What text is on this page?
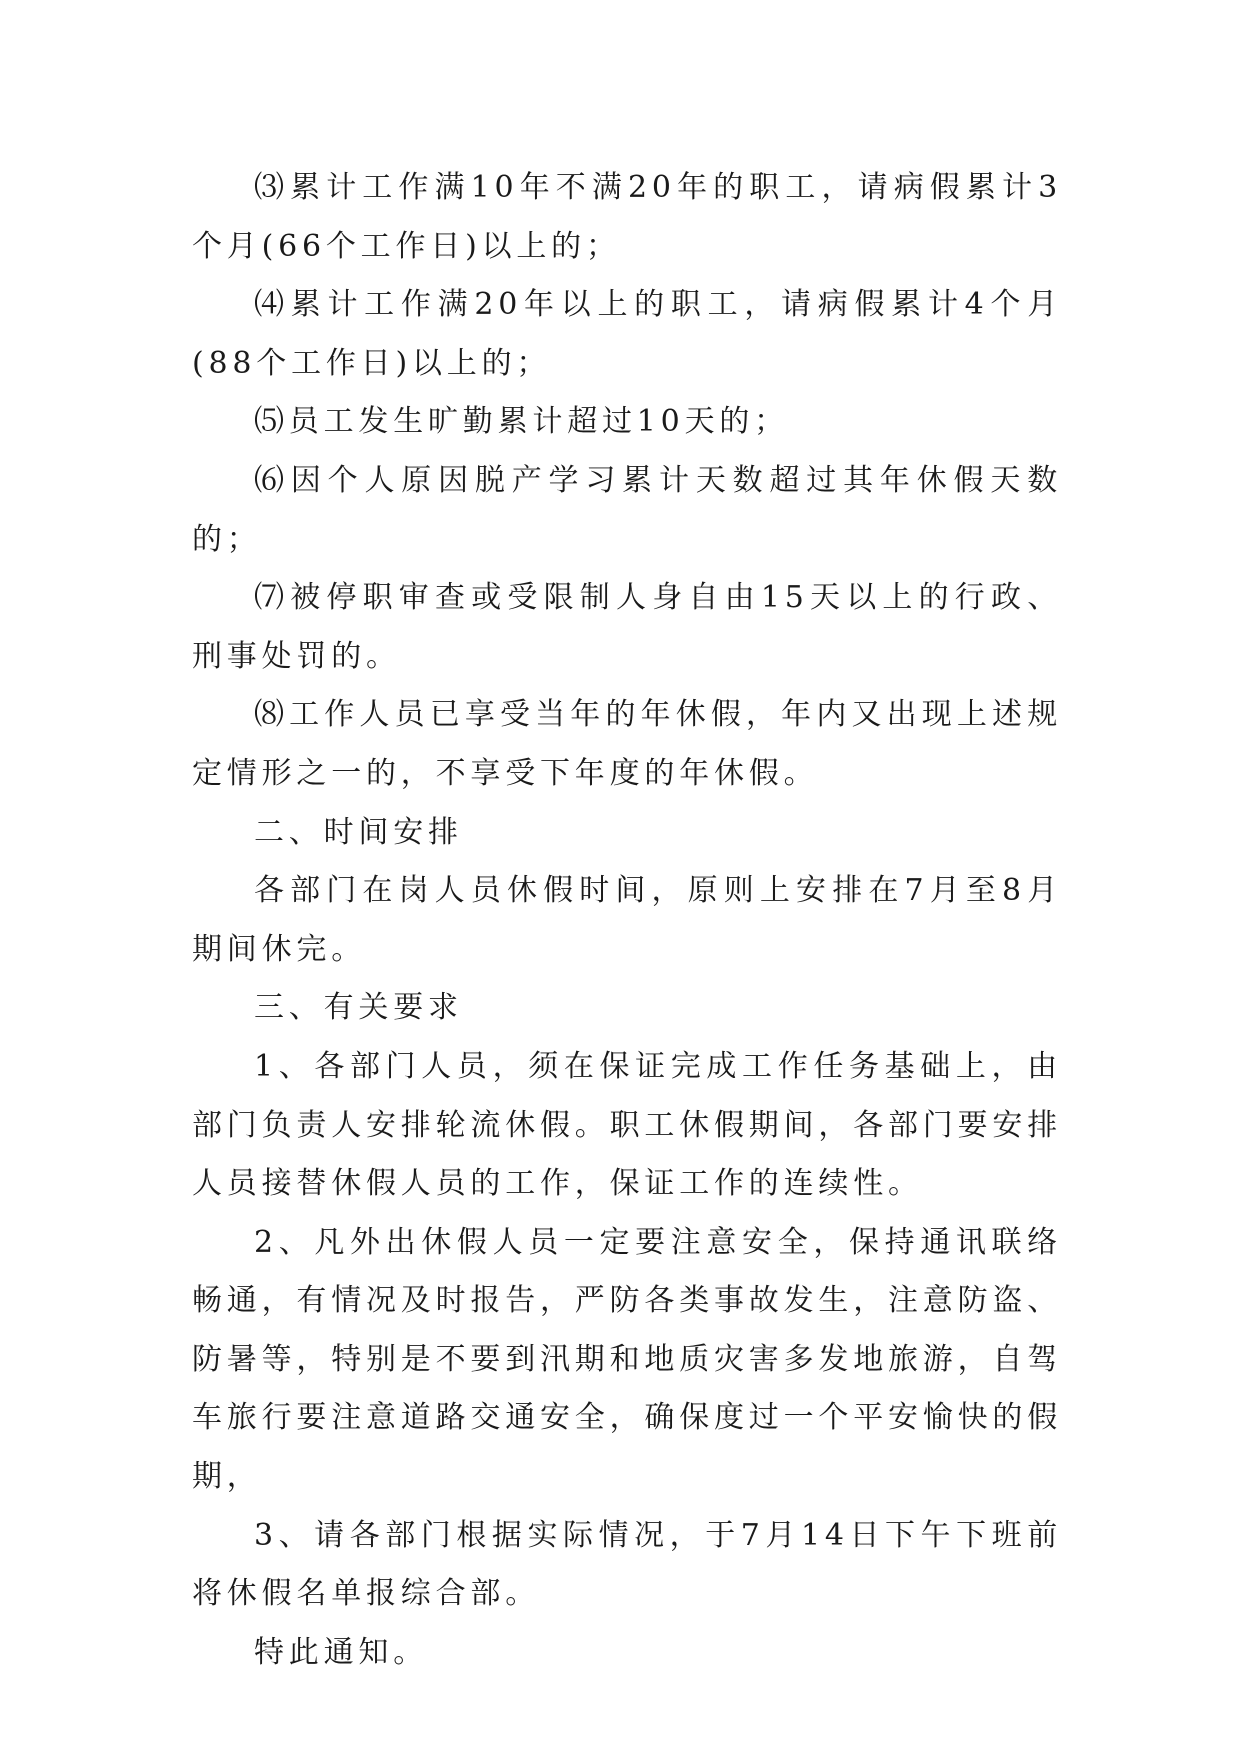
⑶累计工作满10年不满20年的职工，请病假累计3个月(66个工作日)以上的；

⑷累计工作满20年以上的职工，请病假累计4个月(88个工作日)以上的；

⑸员工发生旷勤累计超过10天的；

⑹因个人原因脱产学习累计天数超过其年休假天数的；

⑺被停职审查或受限制人身自由15天以上的行政、刑事处罚的。

⑻工作人员已享受当年的年休假，年内又出现上述规定情形之一的，不享受下年度的年休假。

二、时间安排

各部门在岗人员休假时间，原则上安排在7月至8月期间休完。

三、有关要求

1、各部门人员，须在保证完成工作任务基础上，由部门负责人安排轮流休假。职工休假期间，各部门要安排人员接替休假人员的工作，保证工作的连续性。

2、凡外出休假人员一定要注意安全，保持通讯联络畅通，有情况及时报告，严防各类事故发生，注意防盗、防暑等，特别是不要到汛期和地质灾害多发地旅游，自驾车旅行要注意道路交通安全，确保度过一个平安愉快的假期，

3、请各部门根据实际情况，于7月14日下午下班前将休假名单报综合部。

特此通知。
